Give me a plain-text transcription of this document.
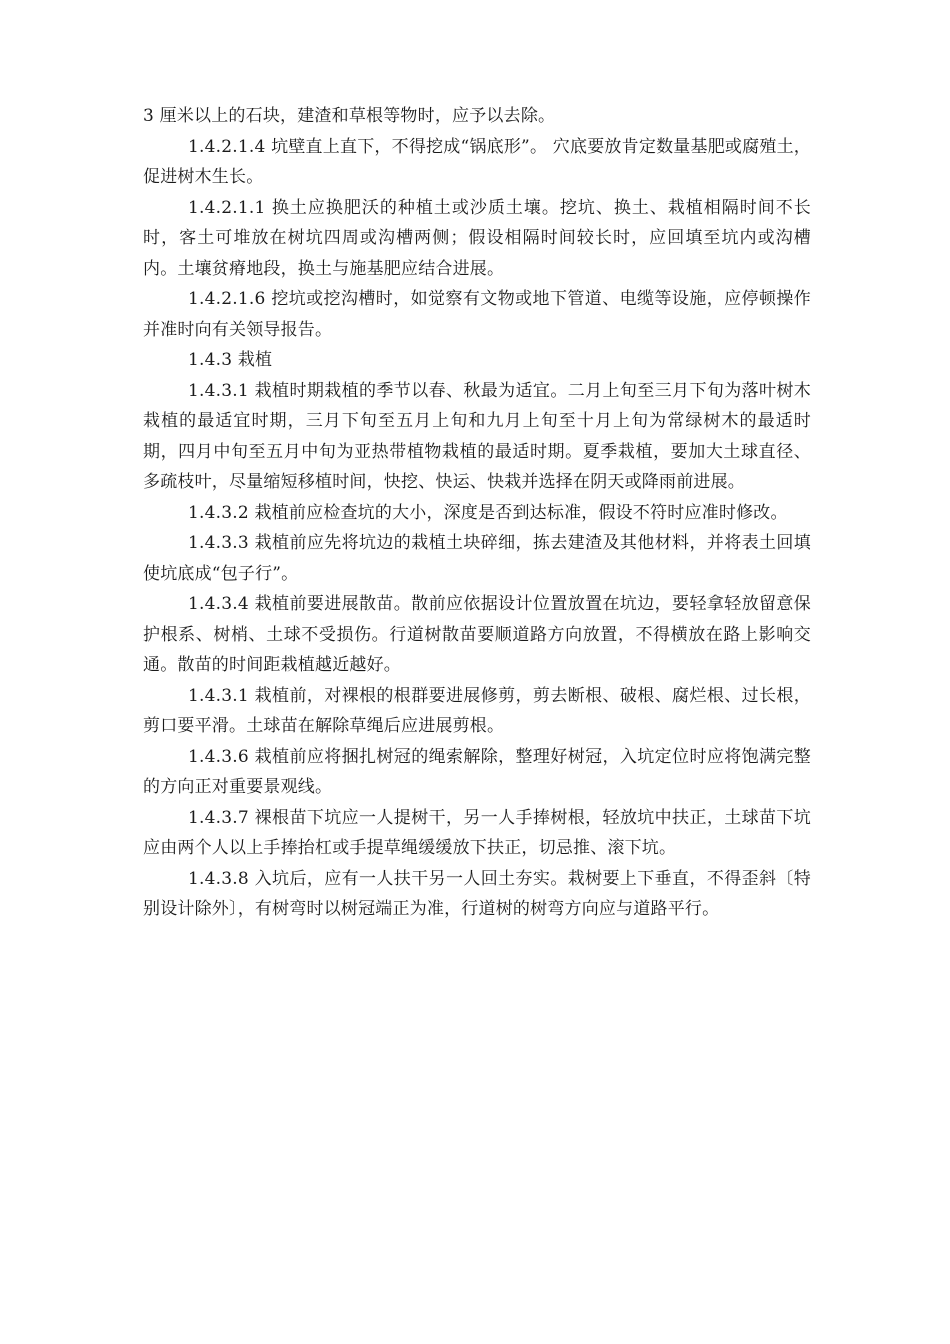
3 厘米以上的石块，建渣和草根等物时，应予以去除。

1.4.2.1.4 坑壁直上直下，不得挖成“锅底形”。 穴底要放肯定数量基肥或腐殖土，促进树木生长。

1.4.2.1.1 换土应换肥沃的种植土或沙质土壤。挖坑、换土、栽植相隔时间不长时，客土可堆放在树坑四周或沟槽两侧；假设相隔时间较长时，应回填至坑内或沟槽内。土壤贫瘠地段，换土与施基肥应结合进展。

1.4.2.1.6 挖坑或挖沟槽时，如觉察有文物或地下管道、电缆等设施，应停顿操作并准时向有关领导报告。

1.4.3 栽植

1.4.3.1 栽植时期栽植的季节以春、秋最为适宜。二月上旬至三月下旬为落叶树木栽植的最适宜时期，三月下旬至五月上旬和九月上旬至十月上旬为常绿树木的最适时期，四月中旬至五月中旬为亚热带植物栽植的最适时期。夏季栽植，要加大土球直径、多疏枝叶，尽量缩短移植时间，快挖、快运、快栽并选择在阴天或降雨前进展。

1.4.3.2 栽植前应检查坑的大小，深度是否到达标准，假设不符时应准时修改。

1.4.3.3 栽植前应先将坑边的栽植土块碎细，拣去建渣及其他材料，并将表土回填使坑底成“包子行”。

1.4.3.4 栽植前要进展散苗。散前应依据设计位置放置在坑边，要轻拿轻放留意保护根系、树梢、土球不受损伤。行道树散苗要顺道路方向放置，不得横放在路上影响交通。散苗的时间距栽植越近越好。

1.4.3.1 栽植前，对裸根的根群要进展修剪，剪去断根、破根、腐烂根、过长根，剪口要平滑。土球苗在解除草绳后应进展剪根。

1.4.3.6 栽植前应将捆扎树冠的绳索解除，整理好树冠，入坑定位时应将饱满完整的方向正对重要景观线。

1.4.3.7 裸根苗下坑应一人提树干，另一人手捧树根，轻放坑中扶正，土球苗下坑应由两个人以上手捧抬杠或手提草绳缓缓放下扶正，切忌推、滚下坑。

1.4.3.8 入坑后，应有一人扶干另一人回土夯实。栽树要上下垂直，不得歪斜〔特别设计除外〕，有树弯时以树冠端正为准，行道树的树弯方向应与道路平行。
